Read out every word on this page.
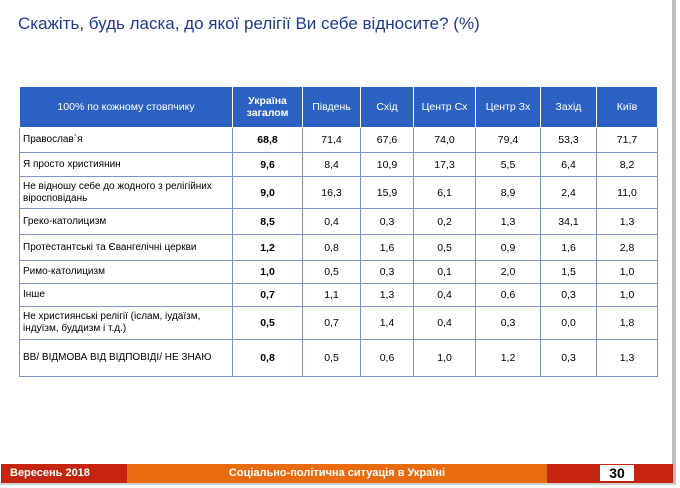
Скажіть, будь ласка, до якої релігії Ви себе відносите? (%)
100% по кожному стовпчику	Україна загалом	Південь	Схід	Центр Сх	Центр Зх	Захід	Київ
Православ`я	68,8	71,4	67,6	74,0	79,4	53,3	71,7
Я просто християнин	9,6	8,4	10,9	17,3	5,5	6,4	8,2
Не відношу себе до жодного з релігійних віросповідань	9,0	16,3	15,9	6,1	8,9	2,4	11,0
Греко-католицизм	8,5	0,4	0,3	0,2	1,3	34,1	1,3
Протестантські та Євангелічні церкви	1,2	0,8	1,6	0,5	0,9	1,6	2,8
Римо-католицизм	1,0	0,5	0,3	0,1	2,0	1,5	1,0
Інше	0,7	1,1	1,3	0,4	0,6	0,3	1,0
Не християнські релігії (іслам, іудаїзм, індуїзм, буддизм і т.д.)	0,5	0,7	1,4	0,4	0,3	0,0	1,8
ВВ/ ВІДМОВА ВІД ВІДПОВІДІ/ НЕ ЗНАЮ	0,8	0,5	0,6	1,0	1,2	0,3	1,3
Вересень 2018	Соціально-політична ситуація в Україні	30
